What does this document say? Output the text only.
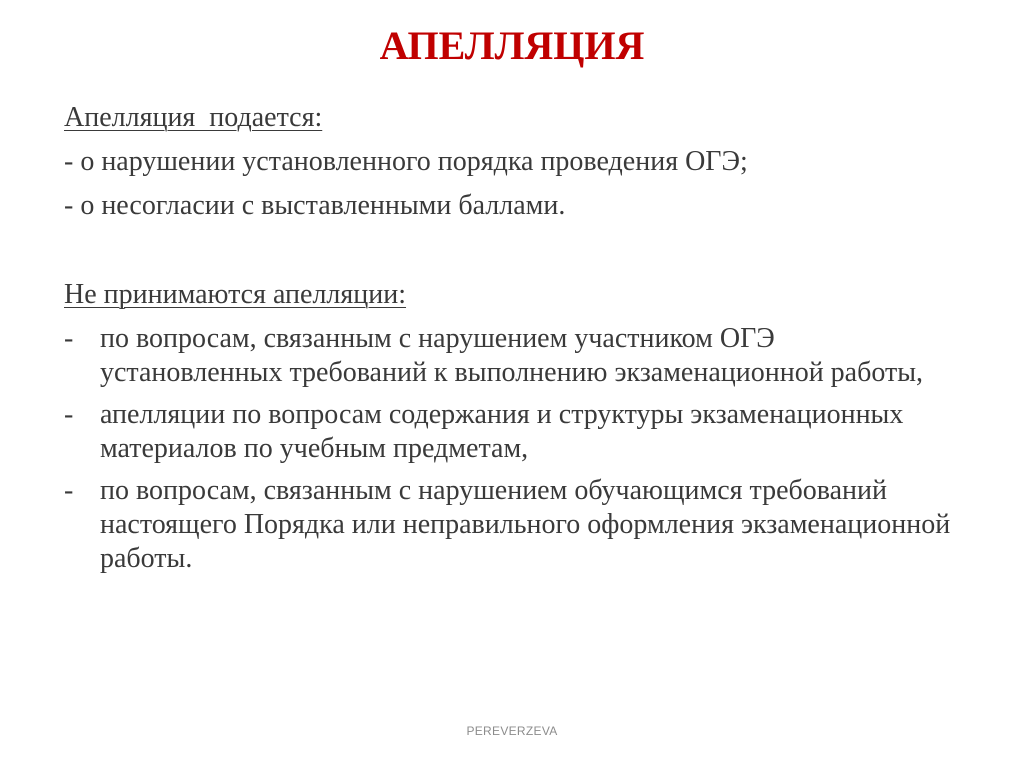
АПЕЛЛЯЦИЯ
Апелляция  подается:
- о нарушении установленного порядка проведения ОГЭ;
- о несогласии с выставленными баллами.
Не принимаются апелляции:
- по вопросам, связанным с нарушением участником ОГЭ установленных требований к выполнению экзаменационной работы,
- апелляции по вопросам содержания и структуры экзаменационных материалов по учебным предметам,
- по вопросам, связанным с нарушением обучающимся требований настоящего Порядка или неправильного оформления экзаменационной работы.
PEREVERZEVA
